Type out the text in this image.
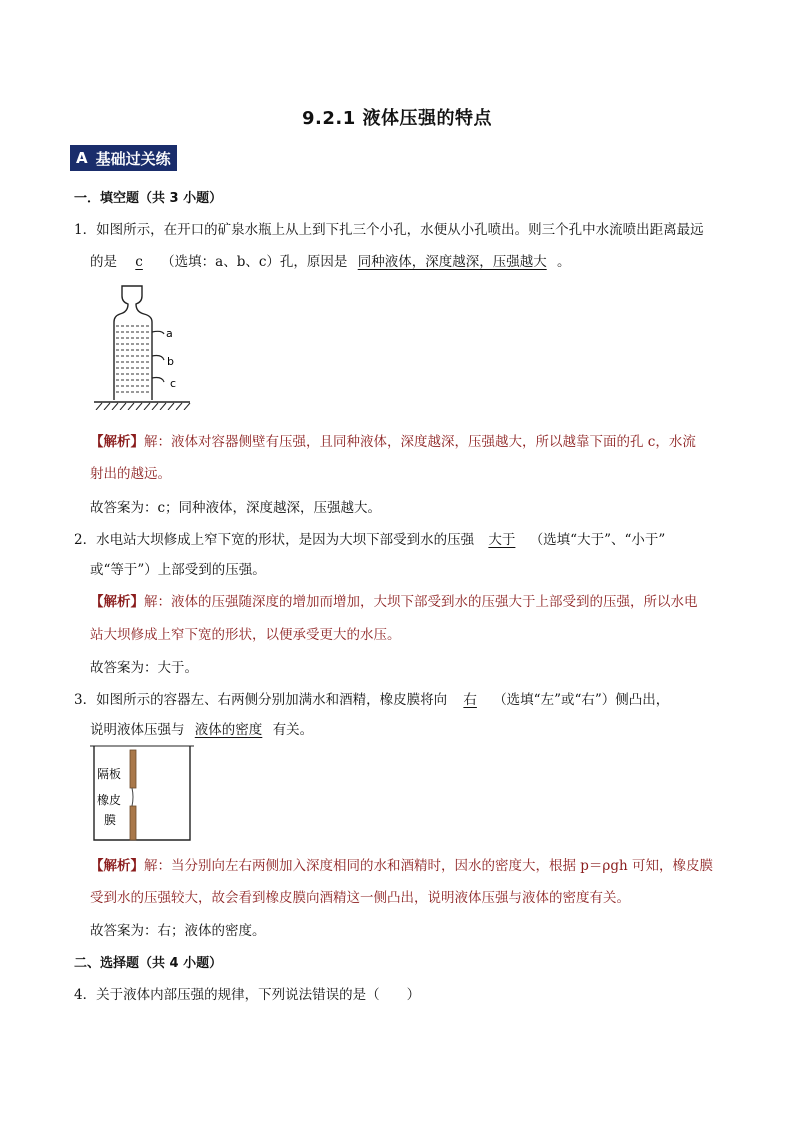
9.2.1 液体压强的特点
A 基础过关练
一．填空题（共 3 小题）
1．如图所示，在开口的矿泉水瓶上从上到下扎三个小孔，水便从小孔喷出。则三个孔中水流喷出距离最远
的是 c （选填：a、b、c）孔，原因是 同种液体，深度越深，压强越大 。
a
b
c
【解析】解：液体对容器侧壁有压强，且同种液体，深度越深，压强越大，所以越靠下面的孔 c，水流
射出的越远。
故答案为：c；同种液体，深度越深，压强越大。
2．水电站大坝修成上窄下宽的形状，是因为大坝下部受到水的压强 大于 （选填“大于”、“小于”
或“等于”）上部受到的压强。
【解析】解：液体的压强随深度的增加而增加，大坝下部受到水的压强大于上部受到的压强，所以水电
站大坝修成上窄下宽的形状，以便承受更大的水压。
故答案为：大于。
3．如图所示的容器左、右两侧分别加满水和酒精，橡皮膜将向 右 （选填“左”或“右”）侧凸出，
说明液体压强与 液体的密度 有关。
隔板
橡皮
膜
【解析】解：当分别向左右两侧加入深度相同的水和酒精时，因水的密度大，根据 p＝ρgh 可知，橡皮膜
受到水的压强较大，故会看到橡皮膜向酒精这一侧凸出，说明液体压强与液体的密度有关。
故答案为：右；液体的密度。
二、选择题（共 4 小题）
4．关于液体内部压强的规律，下列说法错误的是（　　）
